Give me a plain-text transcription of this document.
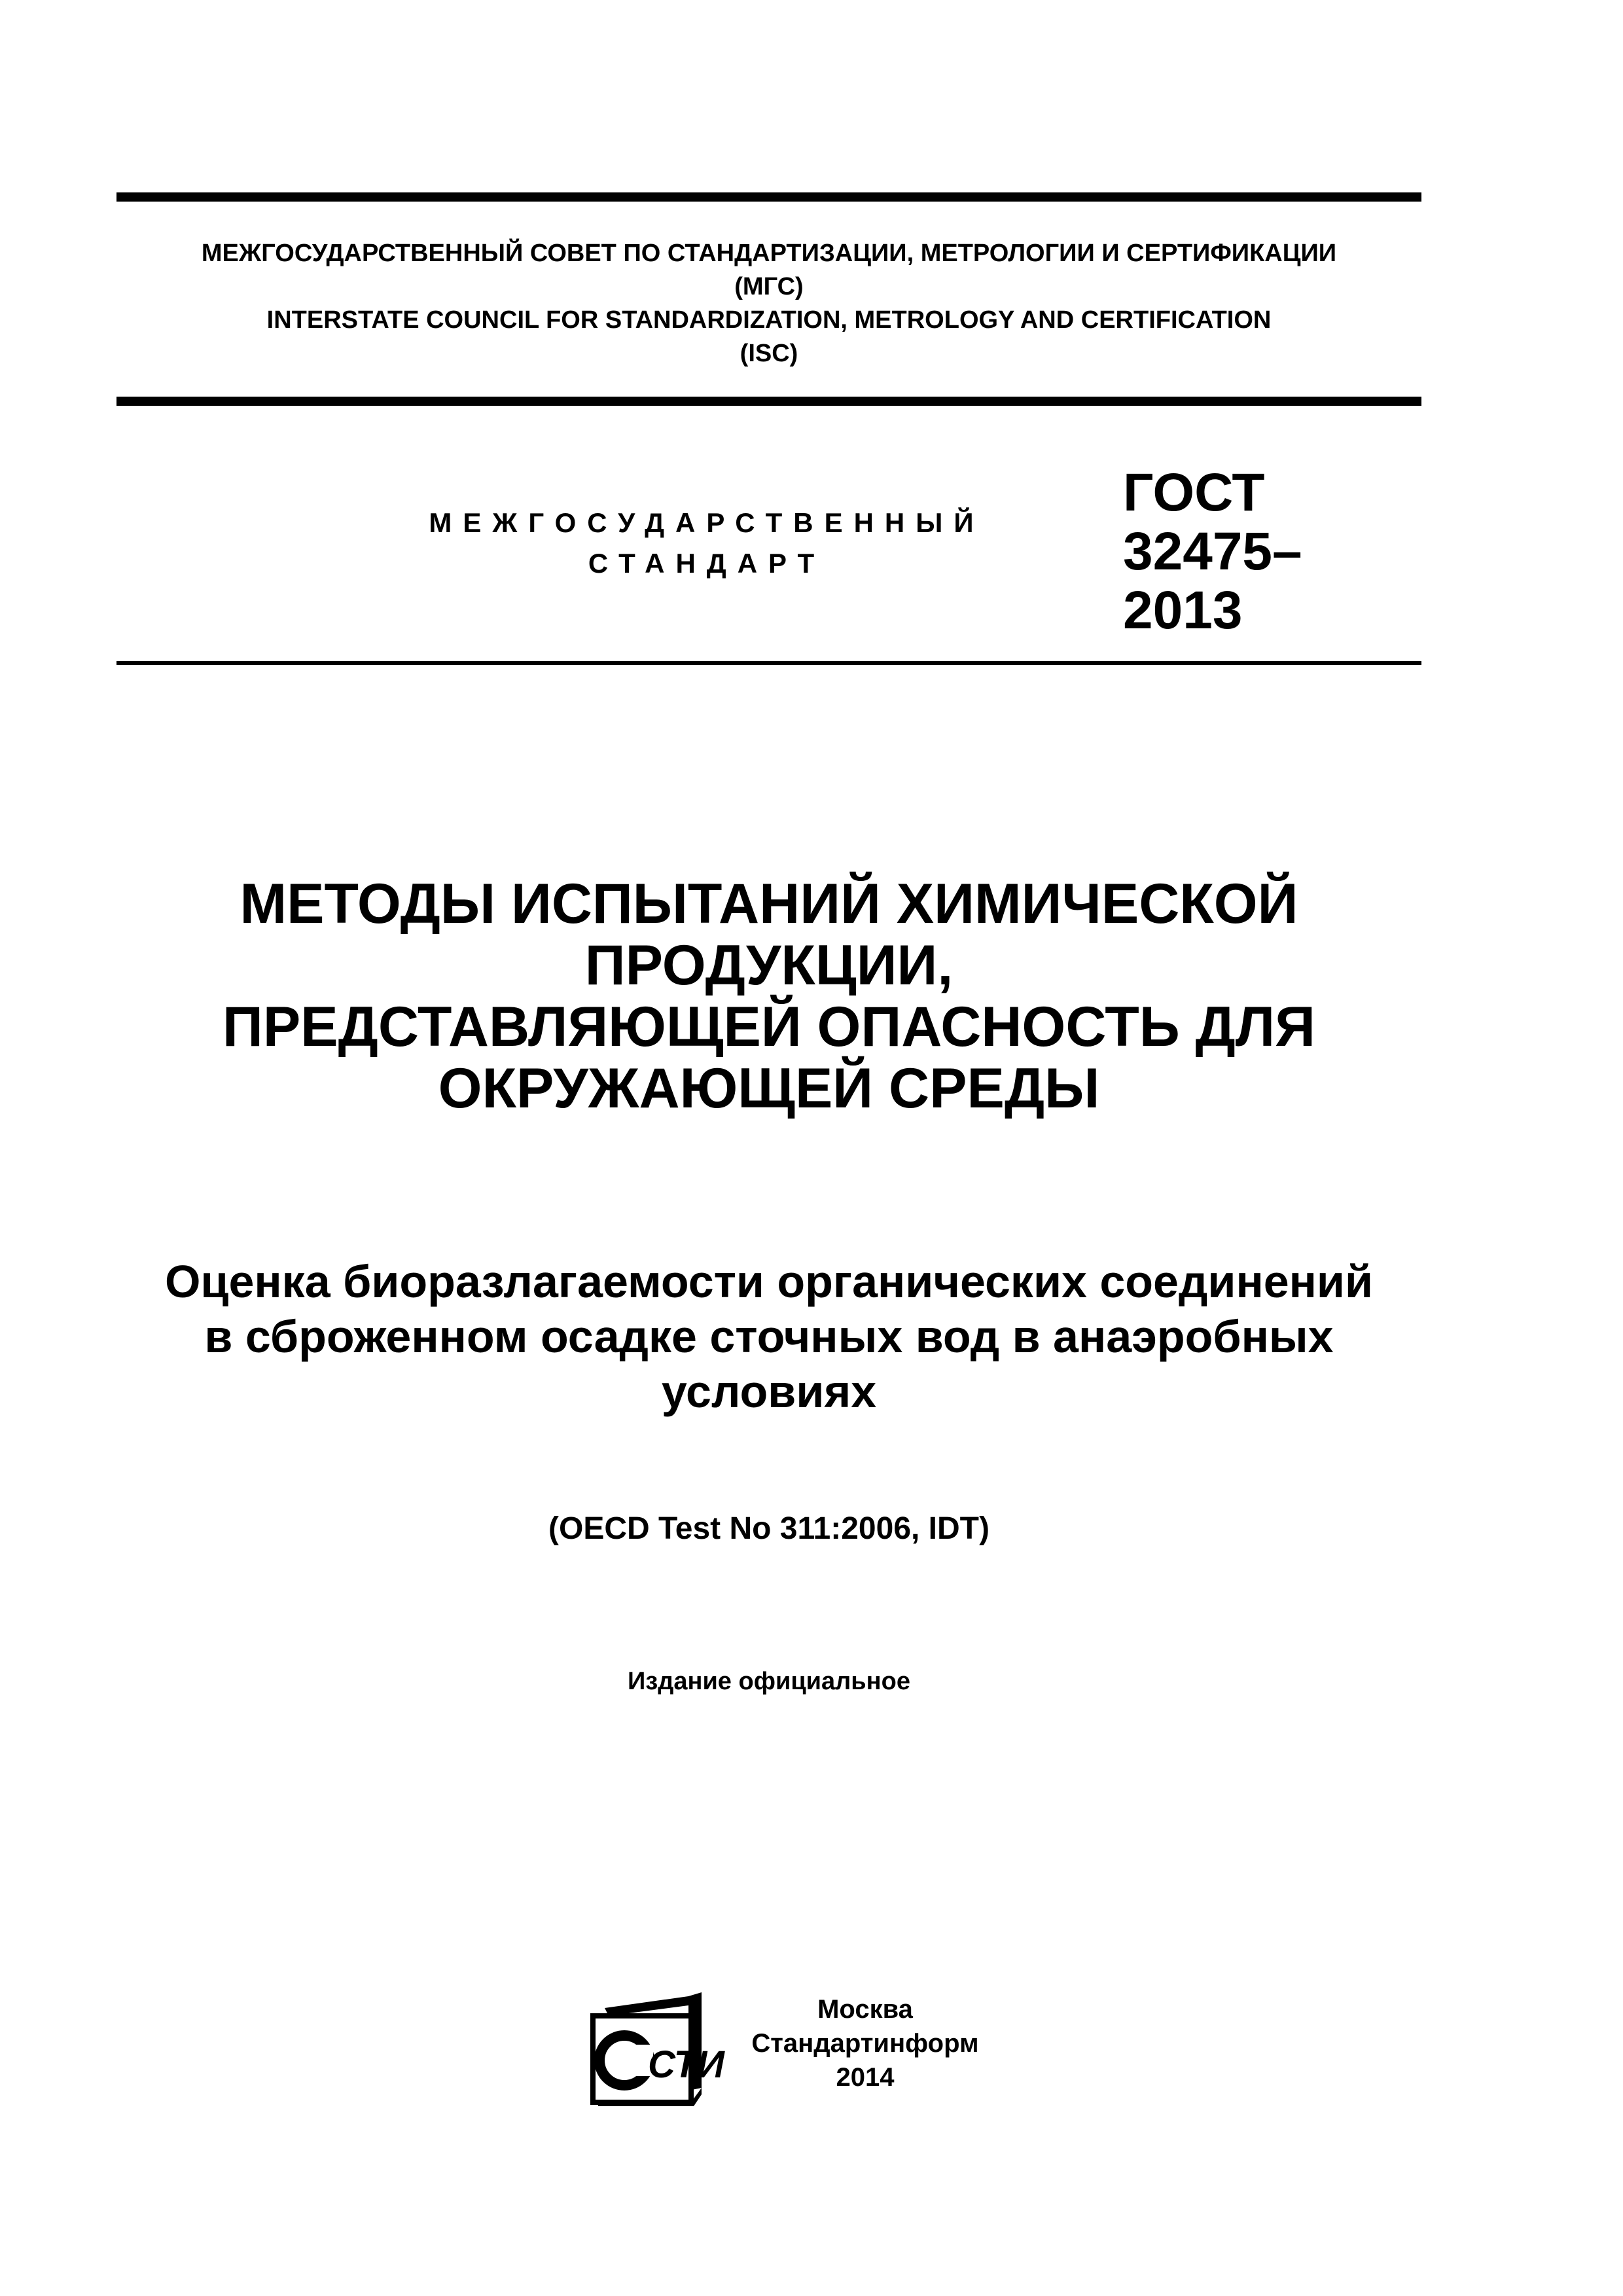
МЕЖГОСУДАРСТВЕННЫЙ СОВЕТ ПО СТАНДАРТИЗАЦИИ, МЕТРОЛОГИИ И СЕРТИФИКАЦИИ
(МГС)
INTERSTATE COUNCIL FOR STANDARDIZATION, METROLOGY AND CERTIFICATION
(ISC)
МЕЖГОСУДАРСТВЕННЫЙ
СТАНДАРТ
ГОСТ
32475–
2013
МЕТОДЫ ИСПЫТАНИЙ ХИМИЧЕСКОЙ
ПРОДУКЦИИ,
ПРЕДСТАВЛЯЮЩЕЙ ОПАСНОСТЬ ДЛЯ
ОКРУЖАЮЩЕЙ СРЕДЫ
Оценка биоразлагаемости органических соединений
в сброженном осадке сточных вод в анаэробных
условиях
(OECD Test No 311:2006, IDT)
Издание официальное
СТИ
Москва
Стандартинформ
2014
